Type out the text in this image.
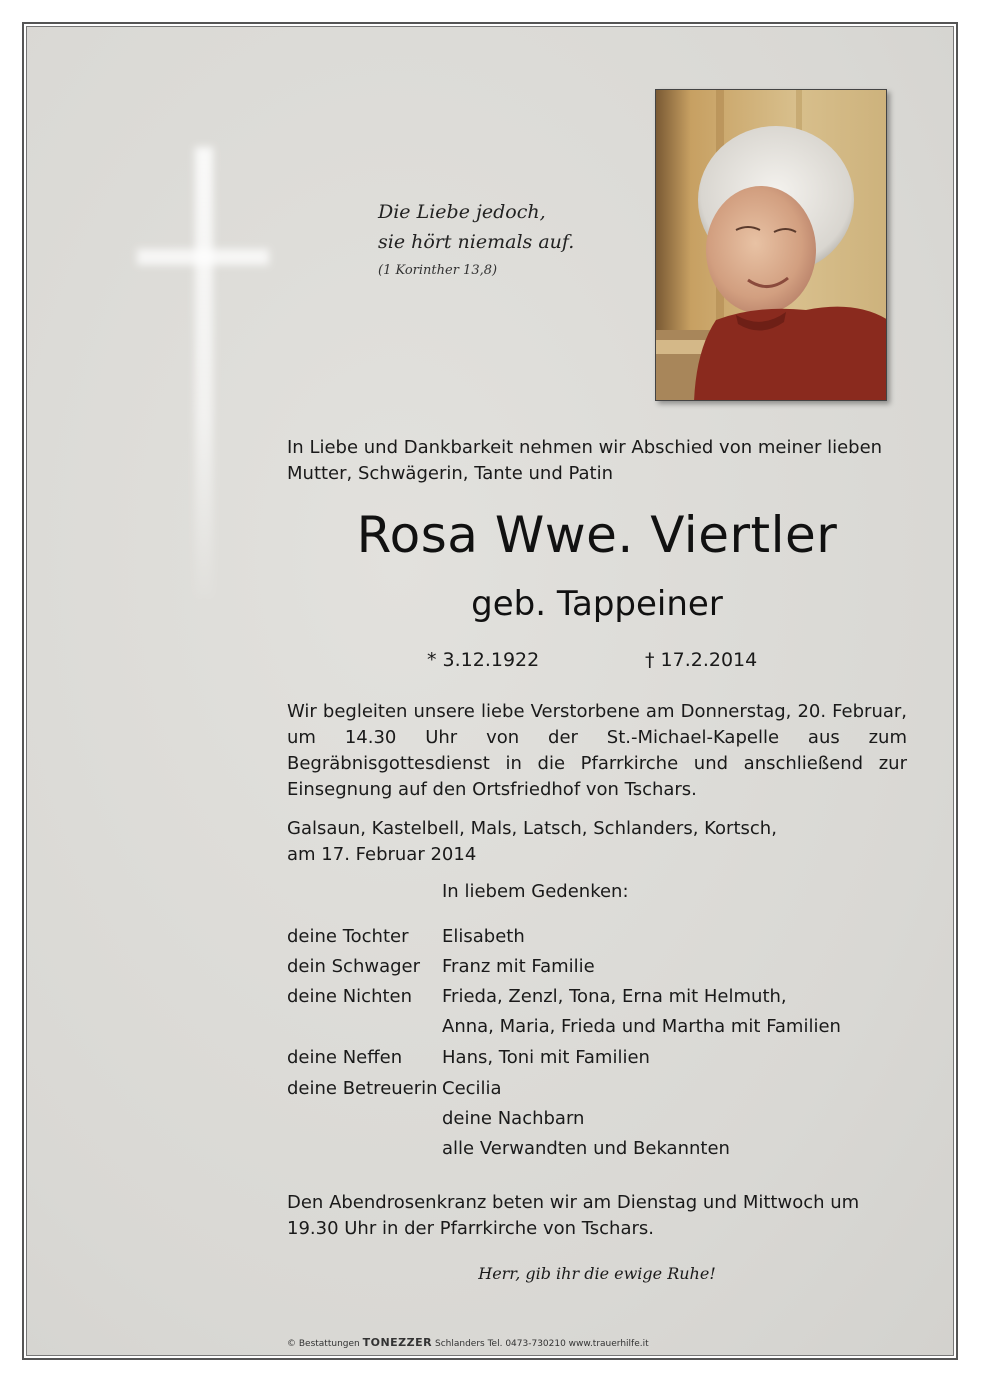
Die Liebe jedoch,
sie hört niemals auf.
(1 Korinther 13,8)
In Liebe und Dankbarkeit nehmen wir Abschied von meiner lieben Mutter, Schwägerin, Tante und Patin
Rosa Wwe. Viertler
geb. Tappeiner
* 3.12.1922	† 17.2.2014
Wir begleiten unsere liebe Verstorbene am Donnerstag, 20. Februar, um 14.30 Uhr von der St.-Michael-Kapelle aus zum Begräbnisgottesdienst in die Pfarrkirche und anschließend zur Einsegnung auf den Ortsfriedhof von Tschars.
Galsaun, Kastelbell, Mals, Latsch, Schlanders, Kortsch,
am 17. Februar 2014
In liebem Gedenken:
deine Tochter Elisabeth
dein Schwager Franz mit Familie
deine Nichten Frieda, Zenzl, Tona, Erna mit Helmuth,
Anna, Maria, Frieda und Martha mit Familien
deine Neffen Hans, Toni mit Familien
deine Betreuerin Cecilia
deine Nachbarn
alle Verwandten und Bekannten
Den Abendrosenkranz beten wir am Dienstag und Mittwoch um 19.30 Uhr in der Pfarrkirche von Tschars.
Herr, gib ihr die ewige Ruhe!
© Bestattungen TONEZZER Schlanders Tel. 0473-730210 www.trauerhilfe.it
